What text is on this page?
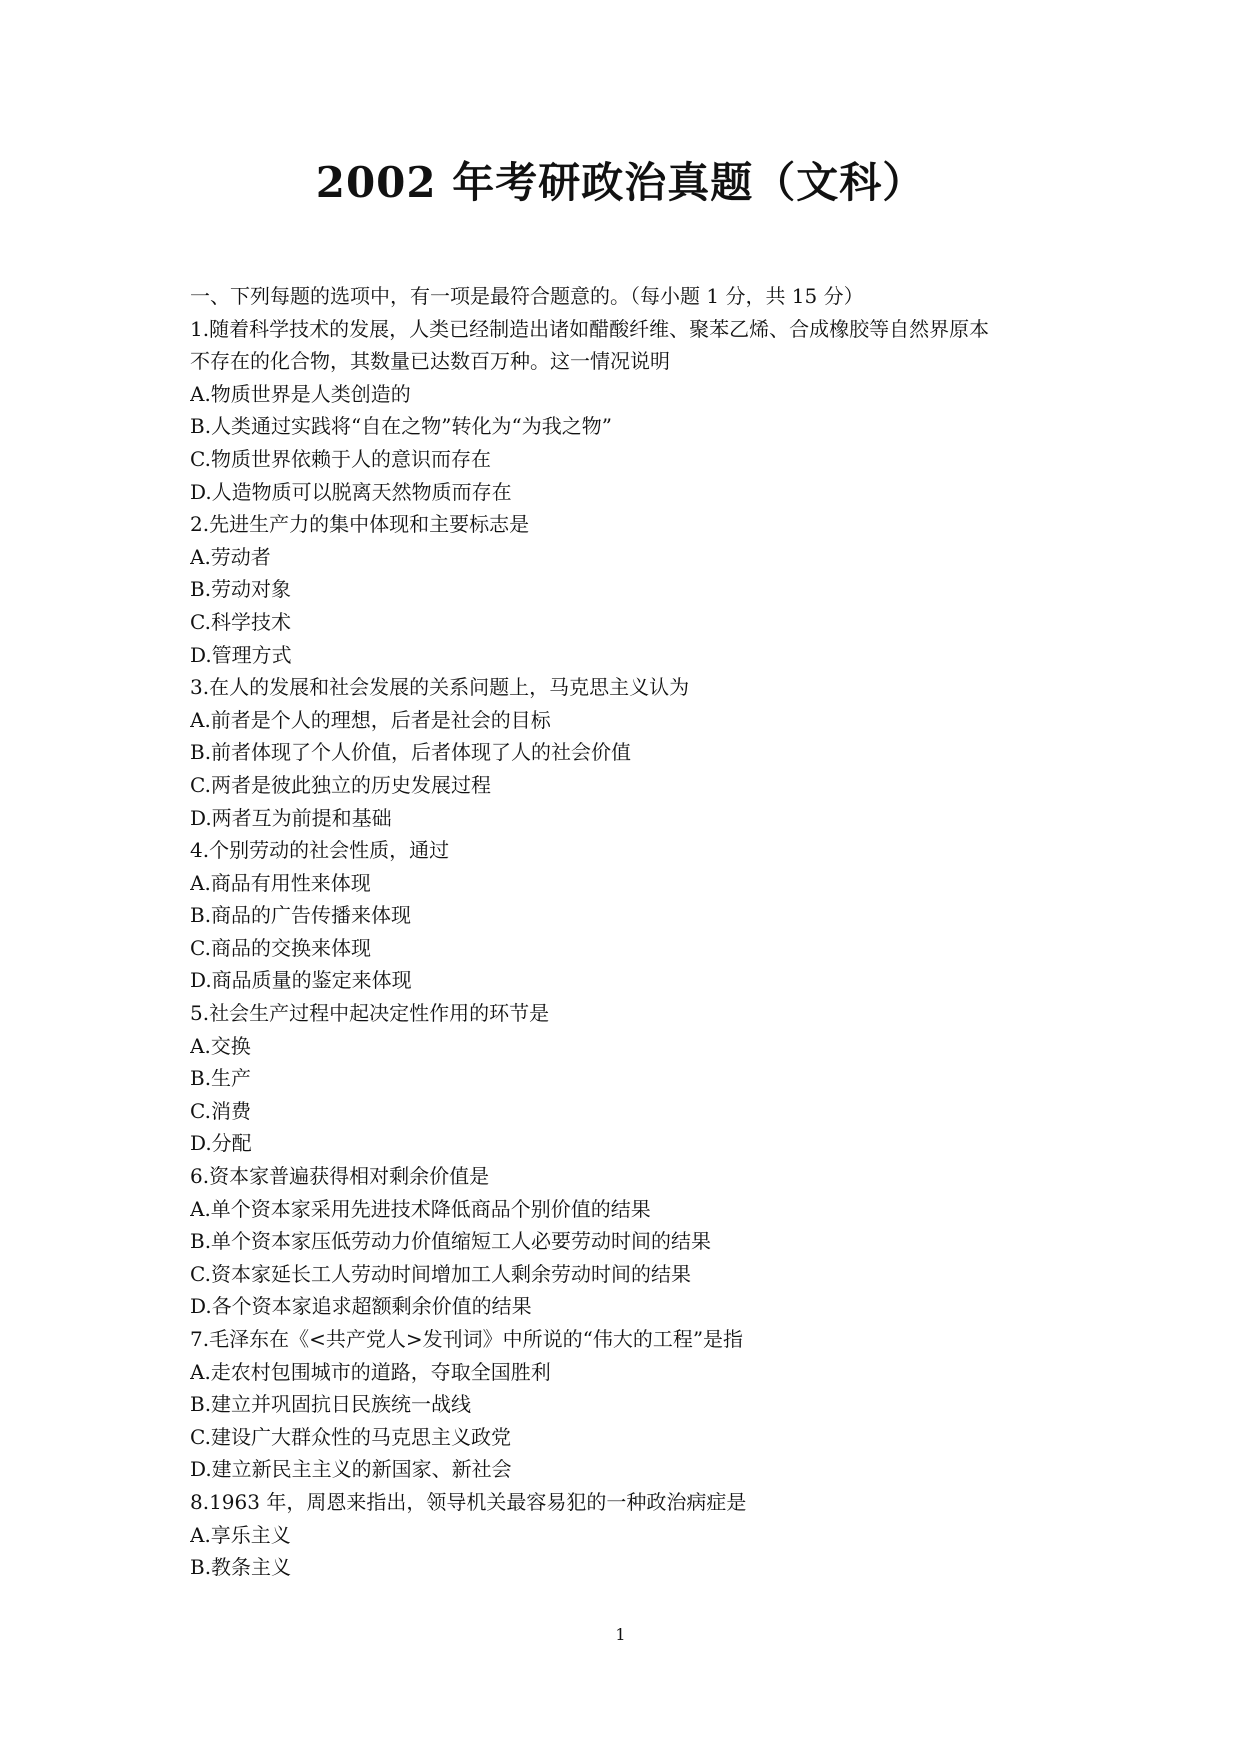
2002 年考研政治真题（文科）
一、下列每题的选项中，有一项是最符合题意的。（每小题 1 分，共 15 分）
1.随着科学技术的发展，人类已经制造出诸如醋酸纤维、聚苯乙烯、合成橡胶等自然界原本
不存在的化合物，其数量已达数百万种。这一情况说明
A.物质世界是人类创造的
B.人类通过实践将“自在之物”转化为“为我之物”
C.物质世界依赖于人的意识而存在
D.人造物质可以脱离天然物质而存在
2.先进生产力的集中体现和主要标志是
A.劳动者
B.劳动对象
C.科学技术
D.管理方式
3.在人的发展和社会发展的关系问题上，马克思主义认为
A.前者是个人的理想，后者是社会的目标
B.前者体现了个人价值，后者体现了人的社会价值
C.两者是彼此独立的历史发展过程
D.两者互为前提和基础
4.个别劳动的社会性质，通过
A.商品有用性来体现
B.商品的广告传播来体现
C.商品的交换来体现
D.商品质量的鉴定来体现
5.社会生产过程中起决定性作用的环节是
A.交换
B.生产
C.消费
D.分配
6.资本家普遍获得相对剩余价值是
A.单个资本家采用先进技术降低商品个别价值的结果
B.单个资本家压低劳动力价值缩短工人必要劳动时间的结果
C.资本家延长工人劳动时间增加工人剩余劳动时间的结果
D.各个资本家追求超额剩余价值的结果
7.毛泽东在《<共产党人>发刊词》中所说的“伟大的工程”是指
A.走农村包围城市的道路，夺取全国胜利
B.建立并巩固抗日民族统一战线
C.建设广大群众性的马克思主义政党
D.建立新民主主义的新国家、新社会
8.1963 年，周恩来指出，领导机关最容易犯的一种政治病症是
A.享乐主义
B.教条主义
1
